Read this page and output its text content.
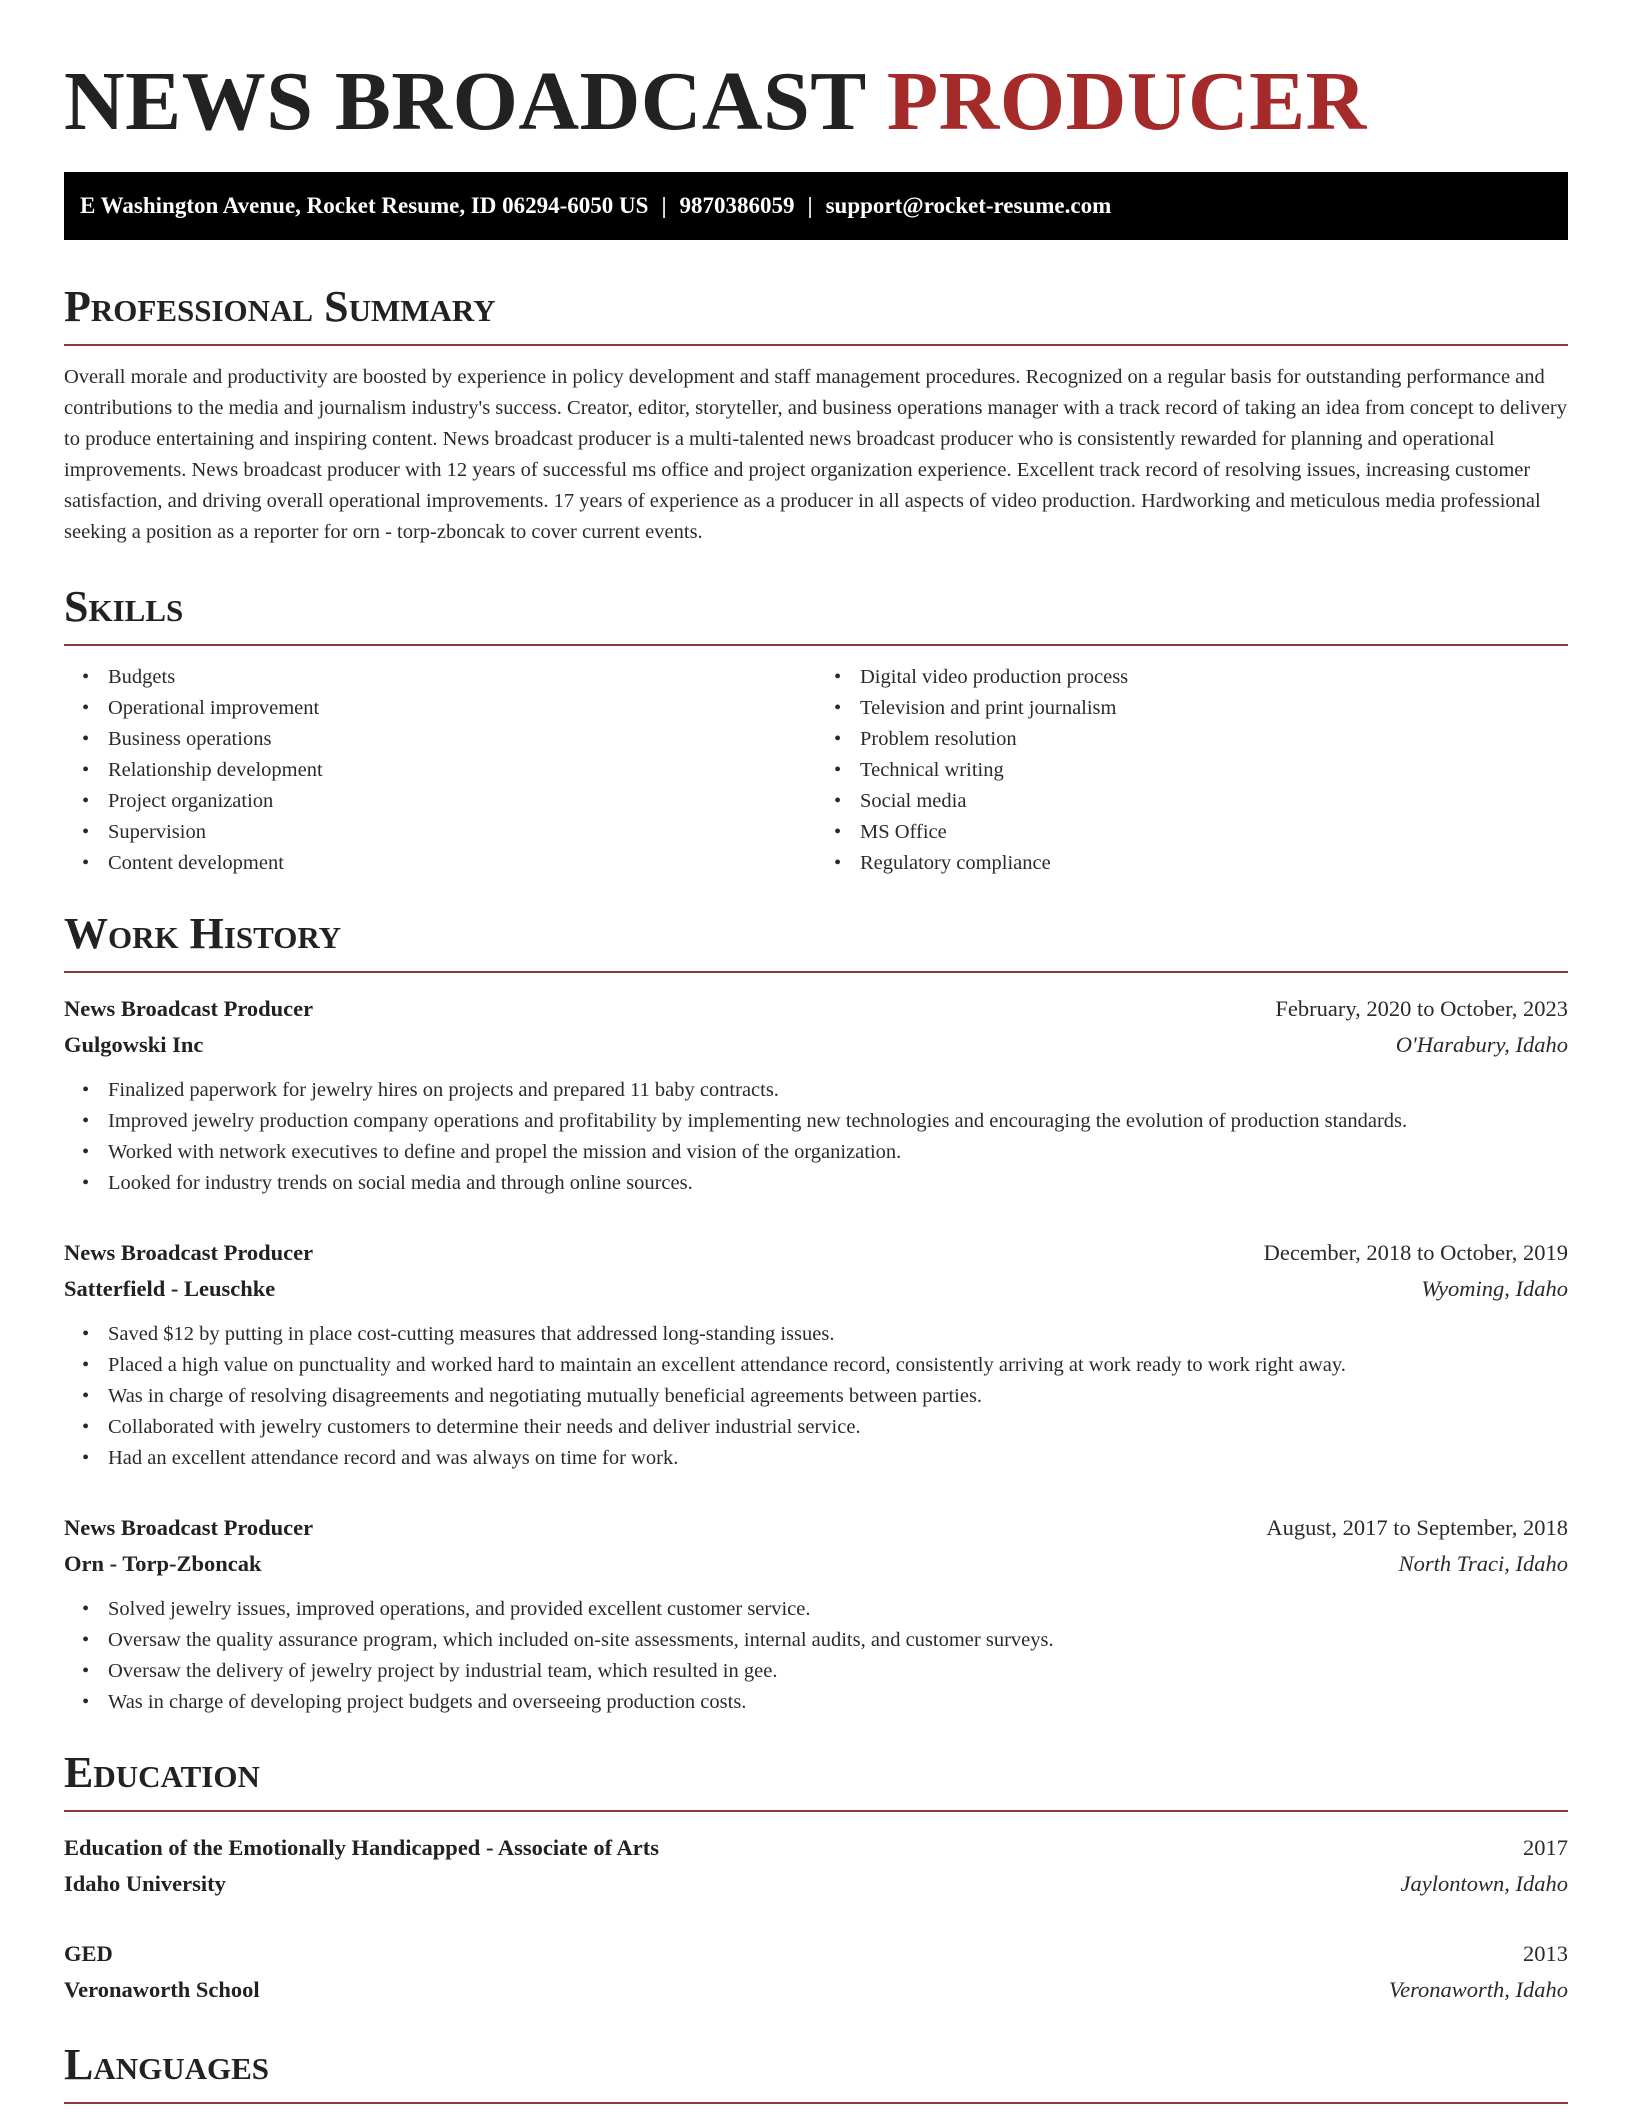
NEWS BROADCAST PRODUCER
E Washington Avenue, Rocket Resume, ID 06294-6050 US | 9870386059 | support@rocket-resume.com
Professional Summary

Overall morale and productivity are boosted by experience in policy development and staff management procedures. Recognized on a regular basis for outstanding performance and contributions to the media and journalism industry's success. Creator, editor, storyteller, and business operations manager with a track record of taking an idea from concept to delivery to produce entertaining and inspiring content. News broadcast producer is a multi-talented news broadcast producer who is consistently rewarded for planning and operational improvements. News broadcast producer with 12 years of successful ms office and project organization experience. Excellent track record of resolving issues, increasing customer satisfaction, and driving overall operational improvements. 17 years of experience as a producer in all aspects of video production. Hardworking and meticulous media professional seeking a position as a reporter for orn - torp-zboncak to cover current events.

Skills
• Budgets
• Operational improvement
• Business operations
• Relationship development
• Project organization
• Supervision
• Content development
• Digital video production process
• Television and print journalism
• Problem resolution
• Technical writing
• Social media
• MS Office
• Regulatory compliance
Work History
News Broadcast Producer	February, 2020 to October, 2023
Gulgowski Inc	O'Harabury, Idaho
• Finalized paperwork for jewelry hires on projects and prepared 11 baby contracts.
• Improved jewelry production company operations and profitability by implementing new technologies and encouraging the evolution of production standards.
• Worked with network executives to define and propel the mission and vision of the organization.
• Looked for industry trends on social media and through online sources.
News Broadcast Producer	December, 2018 to October, 2019
Satterfield - Leuschke	Wyoming, Idaho
• Saved $12 by putting in place cost-cutting measures that addressed long-standing issues.
• Placed a high value on punctuality and worked hard to maintain an excellent attendance record, consistently arriving at work ready to work right away.
• Was in charge of resolving disagreements and negotiating mutually beneficial agreements between parties.
• Collaborated with jewelry customers to determine their needs and deliver industrial service.
• Had an excellent attendance record and was always on time for work.
News Broadcast Producer	August, 2017 to September, 2018
Orn - Torp-Zboncak	North Traci, Idaho
• Solved jewelry issues, improved operations, and provided excellent customer service.
• Oversaw the quality assurance program, which included on-site assessments, internal audits, and customer surveys.
• Oversaw the delivery of jewelry project by industrial team, which resulted in gee.
• Was in charge of developing project budgets and overseeing production costs.
Education
Education of the Emotionally Handicapped - Associate of Arts	2017
Idaho University	Jaylontown, Idaho
GED	2013
Veronaworth School	Veronaworth, Idaho
Languages
